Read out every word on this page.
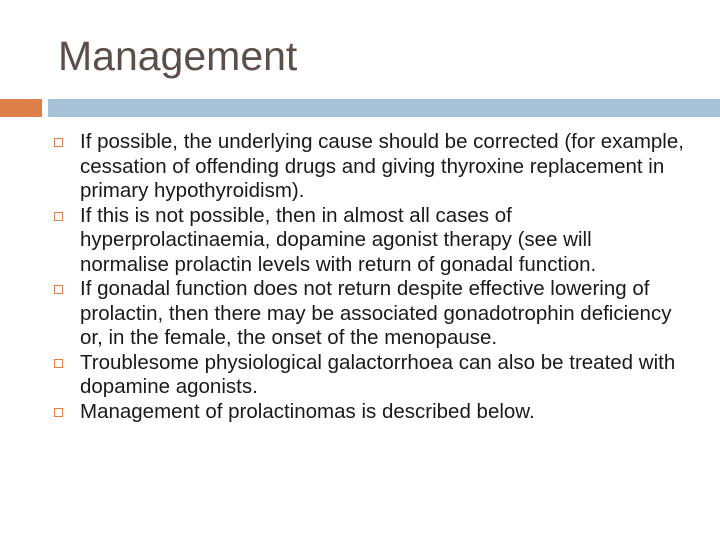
Management
If possible, the underlying cause should be corrected (for example, cessation of offending drugs and giving thyroxine replacement in primary hypothyroidism).
If this is not possible, then in almost all cases of hyperprolactinaemia, dopamine agonist therapy (see will normalise prolactin levels with return of gonadal function.
If gonadal function does not return despite effective lowering of prolactin, then there may be associated gonadotrophin deficiency or, in the female, the onset of the menopause.
Troublesome physiological galactorrhoea can also be treated with dopamine agonists.
Management of prolactinomas is described below.
